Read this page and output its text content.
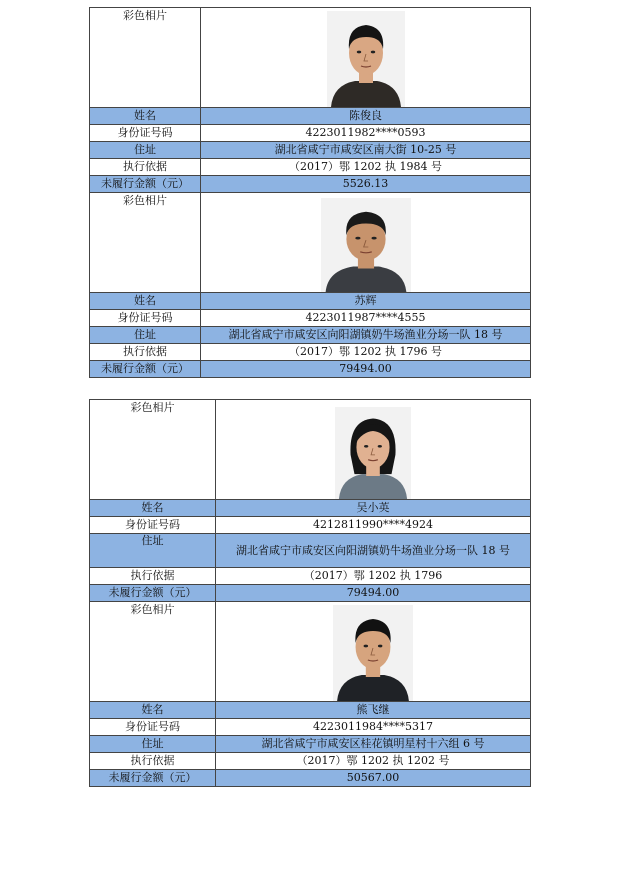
彩色相片	

姓名	陈俊良
身份证号码	4223011982****0593
住址	湖北省咸宁市咸安区南大街 10-25 号
执行依据	（2017）鄂 1202 执 1984 号
未履行金额（元）	5526.13
彩色相片	

姓名	苏辉
身份证号码	4223011987****4555
住址	湖北省咸宁市咸安区向阳湖镇奶牛场渔业分场一队 18 号
执行依据	（2017）鄂 1202 执 1796 号
未履行金额（元）	79494.00
彩色相片	

姓名	吴小英
身份证号码	4212811990****4924
住址	湖北省咸宁市咸安区向阳湖镇奶牛场渔业分场一队 18 号
执行依据	（2017）鄂 1202 执 1796
未履行金额（元）	79494.00
彩色相片	

姓名	熊飞继
身份证号码	4223011984****5317
住址	湖北省咸宁市咸安区桂花镇明星村十六组 6 号
执行依据	（2017）鄂 1202 执 1202 号
未履行金额（元）	50567.00
